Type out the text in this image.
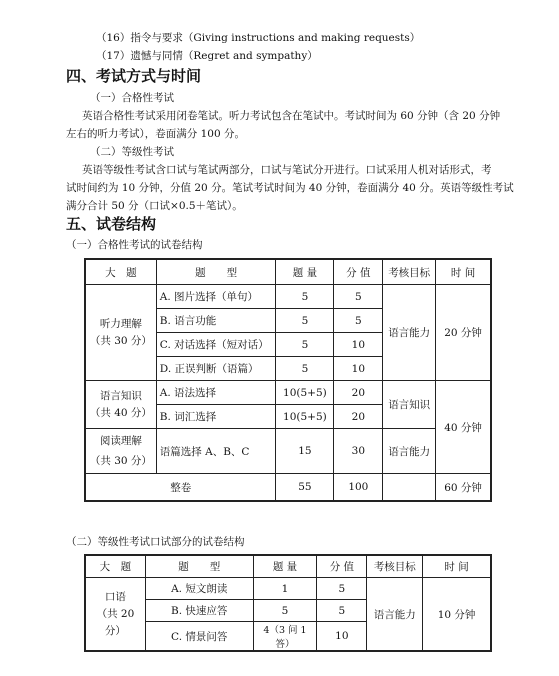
（16）指令与要求（Giving instructions and making requests）
（17）遗憾与同情（Regret and sympathy）
四、考试方式与时间
（一）合格性考试
英语合格性考试采用闭卷笔试。听力考试包含在笔试中。考试时间为 60 分钟（含 20 分钟
左右的听力考试），卷面满分 100 分。
（二）等级性考试
英语等级性考试含口试与笔试两部分，口试与笔试分开进行。口试采用人机对话形式，考
试时间约为 10 分钟，分值 20 分。笔试考试时间为 40 分钟，卷面满分 40 分。英语等级性考试
满分合计 50 分（口试×0.5＋笔试）。
五、试卷结构
（一）合格性考试的试卷结构
大　题	题　　型	题 量	分 值	考核目标	时 间
听力理解
（共 30 分）	A. 图片选择（单句）	5	5	语言能力	20 分钟
	B. 语言功能	5	5		
	C. 对话选择（短对话）	5	10		
	D. 正误判断（语篇）	5	10		
语言知识
（共 40 分）	A. 语法选择	10(5+5)	20	语言知识	40 分钟
	B. 词汇选择	10(5+5)	20		
阅读理解
（共 30 分）	语篇选择 A、B、C	15	30	语言能力	
整卷		55	100		60 分钟
（二）等级性考试口试部分的试卷结构
大　题	题　　型	题 量	分 值	考核目标	时 间
口语
（共 20 分）	A. 短文朗读	1	5	语言能力	10 分钟
	B. 快速应答	5	5		
	C. 情景问答	4（3 问 1 答）	10		
